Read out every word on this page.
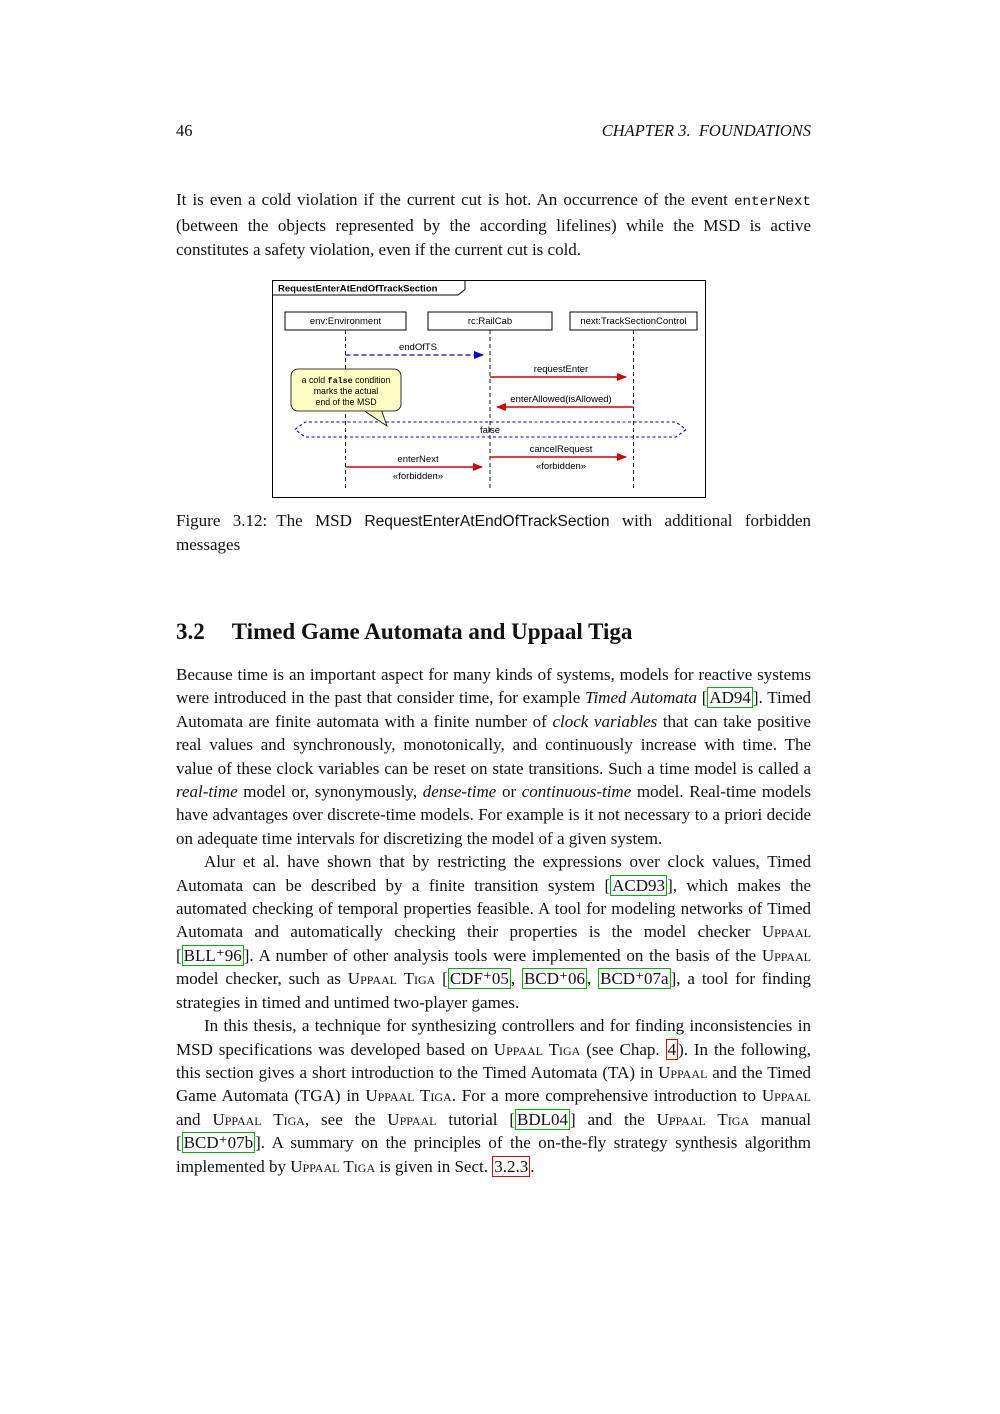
46	CHAPTER 3.  FOUNDATIONS

It is even a cold violation if the current cut is hot. An occurrence of the event enterNext (between the objects represented by the according lifelines) while the MSD is active constitutes a safety violation, even if the current cut is cold.

RequestEnterAtEndOfTrackSection
env:Environment	rc:RailCab	next:TrackSectionControl
endOfTS
requestEnter
enterAllowed(isAllowed)
false
cancelRequest
«forbidden»
enterNext
«forbidden»
a cold false condition
marks the actual
end of the MSD

Figure 3.12: The MSD RequestEnterAtEndOfTrackSection with additional forbidden messages

3.2 Timed Game Automata and Uppaal Tiga

Because time is an important aspect for many kinds of systems, models for reactive systems were introduced in the past that consider time, for example Timed Automata [ AD94 ]. Timed Automata are finite automata with a finite number of clock variables that can take positive real values and synchronously, monotonically, and continuously increase with time. The value of these clock variables can be reset on state transitions. Such a time model is called a real-time model or, synonymously, dense-time or continuous-time model. Real-time models have advantages over discrete-time models. For example is it not necessary to a priori decide on adequate time intervals for discretizing the model of a given system.

Alur et al. have shown that by restricting the expressions over clock values, Timed Automata can be described by a finite transition system [ ACD93 ], which makes the automated checking of temporal properties feasible. A tool for modeling networks of Timed Automata and automatically checking their properties is the model checker Uppaal [ BLL⁺96 ]. A number of other analysis tools were implemented on the basis of the Uppaal model checker, such as Uppaal Tiga [ CDF⁺05 , BCD⁺06 , BCD⁺07a ], a tool for finding strategies in timed and untimed two-player games.

In this thesis, a technique for synthesizing controllers and for finding inconsistencies in MSD specifications was developed based on Uppaal Tiga (see Chap. 4 ). In the following, this section gives a short introduction to the Timed Automata (TA) in Uppaal and the Timed Game Automata (TGA) in Uppaal Tiga. For a more comprehensive introduction to Uppaal and Uppaal Tiga, see the Uppaal tutorial [ BDL04 ] and the Uppaal Tiga manual [ BCD⁺07b ]. A summary on the principles of the on-the-fly strategy synthesis algorithm implemented by Uppaal Tiga is given in Sect. 3.2.3 .
